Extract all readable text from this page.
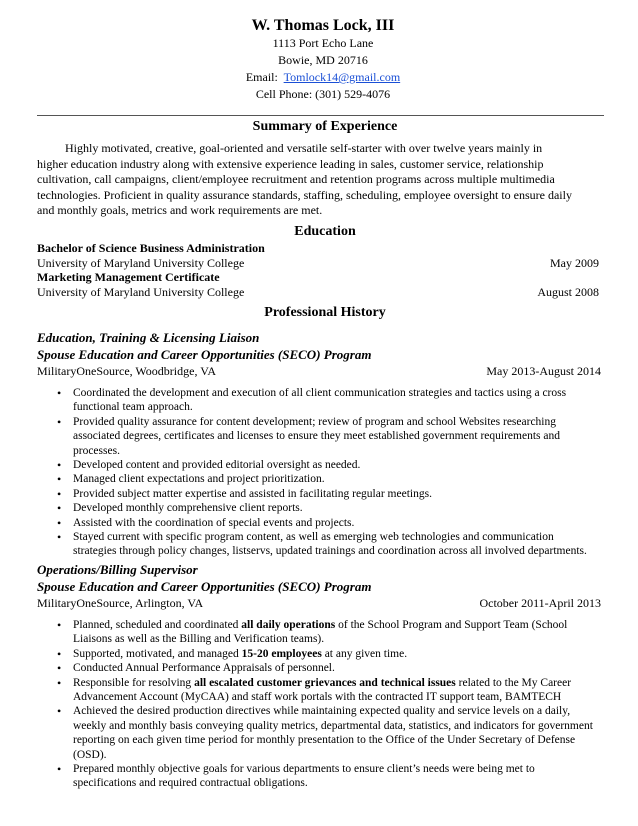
W. Thomas Lock, III
1113 Port Echo Lane
Bowie, MD 20716
Email: Tomlock14@gmail.com
Cell Phone: (301) 529-4076
Summary of Experience
Highly motivated, creative, goal-oriented and versatile self-starter with over twelve years mainly in
higher education industry along with extensive experience leading in sales, customer service, relationship
cultivation, call campaigns, client/employee recruitment and retention programs across multiple multimedia
technologies. Proficient in quality assurance standards, staffing, scheduling, employee oversight to ensure daily
and monthly goals, metrics and work requirements are met.
Education
Bachelor of Science Business Administration
University of Maryland University College	May 2009
Marketing Management Certificate
University of Maryland University College	August 2008
Professional History
Education, Training & Licensing Liaison
Spouse Education and Career Opportunities (SECO) Program
MilitaryOneSource, Woodbridge, VA	May 2013-August 2014
• Coordinated the development and execution of all client communication strategies and tactics using a cross
functional team approach.
• Provided quality assurance for content development; review of program and school Websites researching
associated degrees, certificates and licenses to ensure they meet established government requirements and
processes.
• Developed content and provided editorial oversight as needed.
• Managed client expectations and project prioritization.
• Provided subject matter expertise and assisted in facilitating regular meetings.
• Developed monthly comprehensive client reports.
• Assisted with the coordination of special events and projects.
• Stayed current with specific program content, as well as emerging web technologies and communication
strategies through policy changes, listservs, updated trainings and coordination across all involved departments.
Operations/Billing Supervisor
Spouse Education and Career Opportunities (SECO) Program
MilitaryOneSource, Arlington, VA	October 2011-April 2013
• Planned, scheduled and coordinated all daily operations of the School Program and Support Team (School
Liaisons as well as the Billing and Verification teams).
• Supported, motivated, and managed 15-20 employees at any given time.
• Conducted Annual Performance Appraisals of personnel.
• Responsible for resolving all escalated customer grievances and technical issues related to the My Career
Advancement Account (MyCAA) and staff work portals with the contracted IT support team, BAMTECH
• Achieved the desired production directives while maintaining expected quality and service levels on a daily,
weekly and monthly basis conveying quality metrics, departmental data, statistics, and indicators for government
reporting on each given time period for monthly presentation to the Office of the Under Secretary of Defense
(OSD).
• Prepared monthly objective goals for various departments to ensure client’s needs were being met to
specifications and required contractual obligations.
